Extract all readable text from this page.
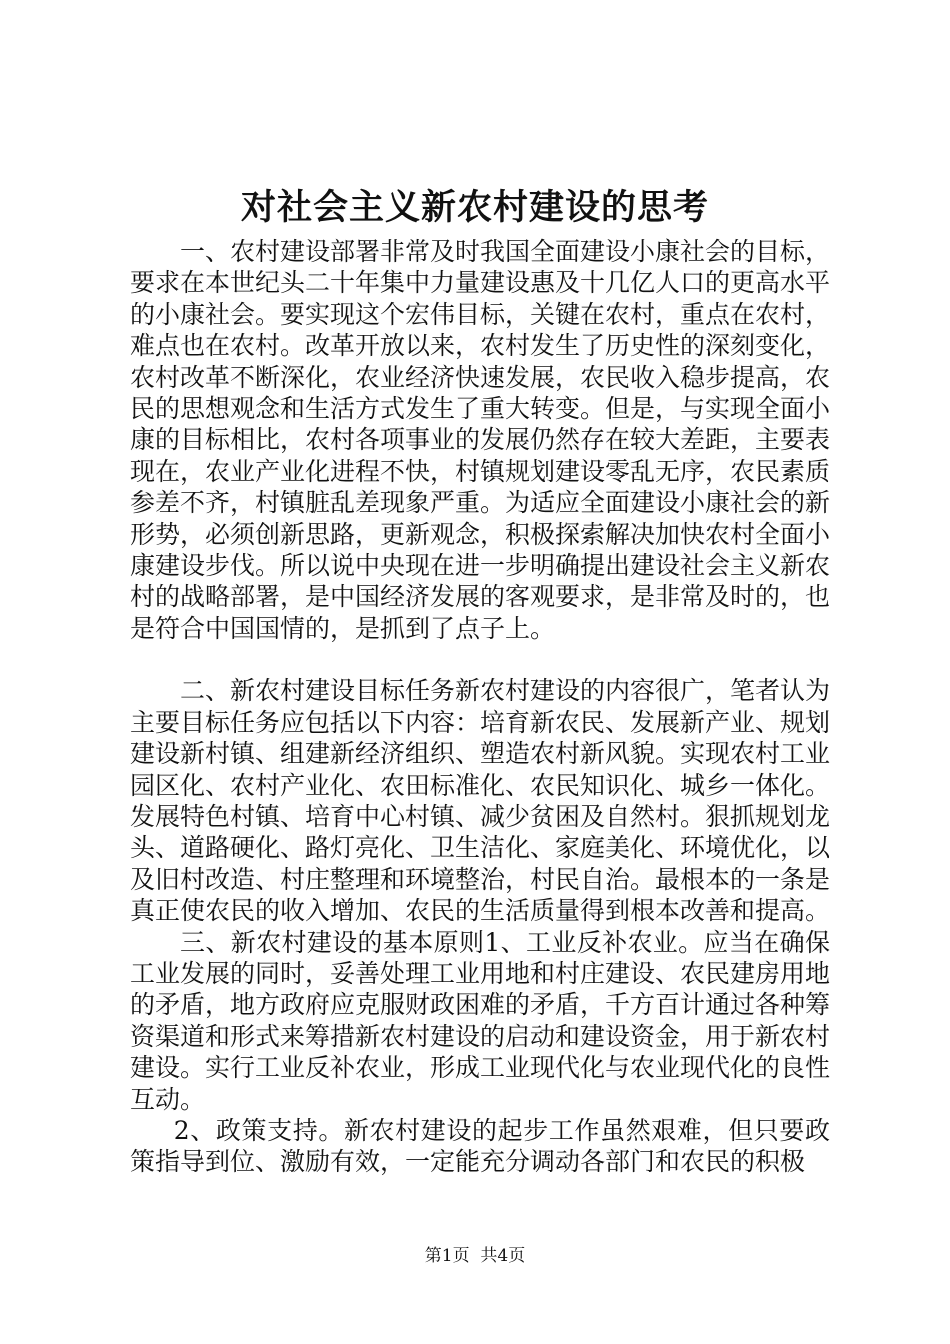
对社会主义新农村建设的思考

一、农村建设部署非常及时我国全面建设小康社会的目标，要求在本世纪头二十年集中力量建设惠及十几亿人口的更高水平的小康社会。要实现这个宏伟目标，关键在农村，重点在农村，难点也在农村。改革开放以来，农村发生了历史性的深刻变化，农村改革不断深化，农业经济快速发展，农民收入稳步提高，农民的思想观念和生活方式发生了重大转变。但是，与实现全面小康的目标相比，农村各项事业的发展仍然存在较大差距，主要表现在，农业产业化进程不快，村镇规划建设零乱无序，农民素质参差不齐，村镇脏乱差现象严重。为适应全面建设小康社会的新形势，必须创新思路，更新观念，积极探索解决加快农村全面小康建设步伐。所以说中央现在进一步明确提出建设社会主义新农村的战略部署，是中国经济发展的客观要求，是非常及时的，也是符合中国国情的，是抓到了点子上。

二、新农村建设目标任务新农村建设的内容很广，笔者认为主要目标任务应包括以下内容：培育新农民、发展新产业、规划建设新村镇、组建新经济组织、塑造农村新风貌。实现农村工业园区化、农村产业化、农田标准化、农民知识化、城乡一体化。发展特色村镇、培育中心村镇、减少贫困及自然村。狠抓规划龙头、道路硬化、路灯亮化、卫生洁化、家庭美化、环境优化，以及旧村改造、村庄整理和环境整治，村民自治。最根本的一条是真正使农民的收入增加、农民的生活质量得到根本改善和提高。

三、新农村建设的基本原则1、工业反补农业。应当在确保工业发展的同时，妥善处理工业用地和村庄建设、农民建房用地的矛盾，地方政府应克服财政困难的矛盾，千方百计通过各种筹资渠道和形式来筹措新农村建设的启动和建设资金，用于新农村建设。实行工业反补农业，形成工业现代化与农业现代化的良性互动。

2、政策支持。新农村建设的起步工作虽然艰难，但只要政策指导到位、激励有效，一定能充分调动各部门和农民的积极

第1页 共4页
